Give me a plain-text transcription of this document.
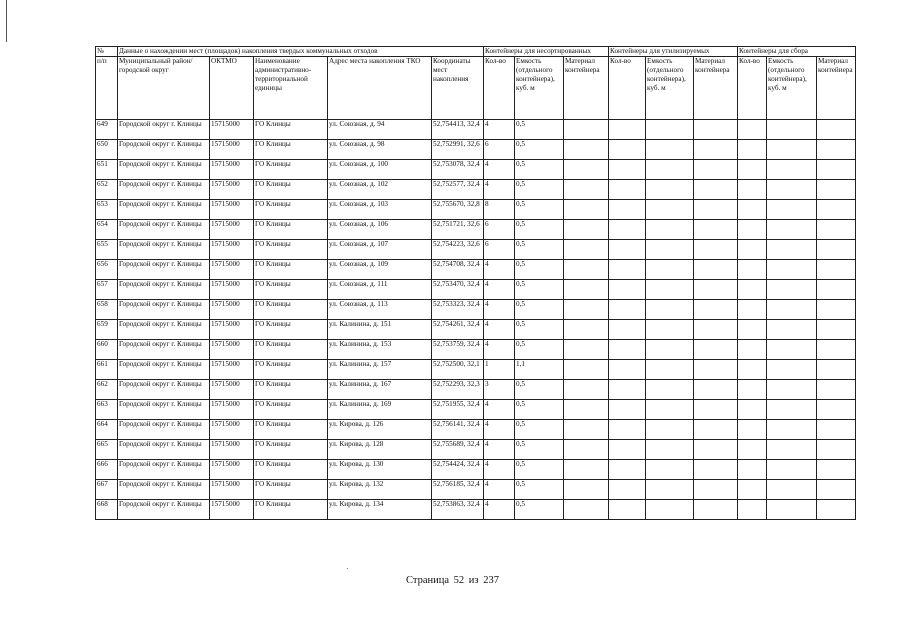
№	Данные о нахождении мест (площадок) накопления твердых коммунальных отходов					Контейнеры для несортированных			Контейнеры для утилизируемых			Контейнеры для сбора		
п/п	Муниципальный район/городской округ	ОКТМО	Наименование административно-территориальной единицы	Адрес места накопления ТКО	Координаты мест накопления	Кол-во	Емкость (отдельного контейнера), куб. м	Материал контейнера	Кол-во	Емкость (отдельного контейнера), куб. м	Материал контейнера	Кол-во	Емкость (отдельного контейнера), куб. м	Материал контейнера
649	Городской округ г. Клинцы	15715000	ГО Клинцы	ул. Союзная, д. 94	52,754413, 32,4	4	0,5							
650	Городской округ г. Клинцы	15715000	ГО Клинцы	ул. Союзная, д. 98	52,752991, 32,6	6	0,5							
651	Городской округ г. Клинцы	15715000	ГО Клинцы	ул. Союзная, д. 100	52,753078, 32,4	4	0,5							
652	Городской округ г. Клинцы	15715000	ГО Клинцы	ул. Союзная, д. 102	52,752577, 32,4	4	0,5							
653	Городской округ г. Клинцы	15715000	ГО Клинцы	ул. Союзная, д. 103	52,755670, 32,8	8	0,5							
654	Городской округ г. Клинцы	15715000	ГО Клинцы	ул. Союзная, д. 106	52,751721, 32,6	6	0,5							
655	Городской округ г. Клинцы	15715000	ГО Клинцы	ул. Союзная, д. 107	52,754223, 32,6	6	0,5							
656	Городской округ г. Клинцы	15715000	ГО Клинцы	ул. Союзная, д. 109	52,754708, 32,4	4	0,5							
657	Городской округ г. Клинцы	15715000	ГО Клинцы	ул. Союзная, д. 111	52,753470, 32,4	4	0,5							
658	Городской округ г. Клинцы	15715000	ГО Клинцы	ул. Союзная, д. 113	52,753323, 32,4	4	0,5							
659	Городской округ г. Клинцы	15715000	ГО Клинцы	ул. Калинина, д. 151	52,754261, 32,4	4	0,5							
660	Городской округ г. Клинцы	15715000	ГО Клинцы	ул. Калинина, д. 153	52,753759, 32,4	4	0,5							
661	Городской округ г. Клинцы	15715000	ГО Клинцы	ул. Калинина, д. 157	52,752500, 32,1	1	1,1							
662	Городской округ г. Клинцы	15715000	ГО Клинцы	ул. Калинина, д. 167	52,752293, 32,3	3	0,5							
663	Городской округ г. Клинцы	15715000	ГО Клинцы	ул. Калинина, д. 169	52,751955, 32,4	4	0,5							
664	Городской округ г. Клинцы	15715000	ГО Клинцы	ул. Кирова, д. 126	52,756141, 32,4	4	0,5							
665	Городской округ г. Клинцы	15715000	ГО Клинцы	ул. Кирова, д. 128	52,755689, 32,4	4	0,5							
666	Городской округ г. Клинцы	15715000	ГО Клинцы	ул. Кирова, д. 130	52,754424, 32,4	4	0,5							
667	Городской округ г. Клинцы	15715000	ГО Клинцы	ул. Кирова, д. 132	52,756185, 32,4	4	0,5							
668	Городской округ г. Клинцы	15715000	ГО Клинцы	ул. Кирова, д. 134	52,753863, 32,4	4	0,5							
Страница 52 из 237
